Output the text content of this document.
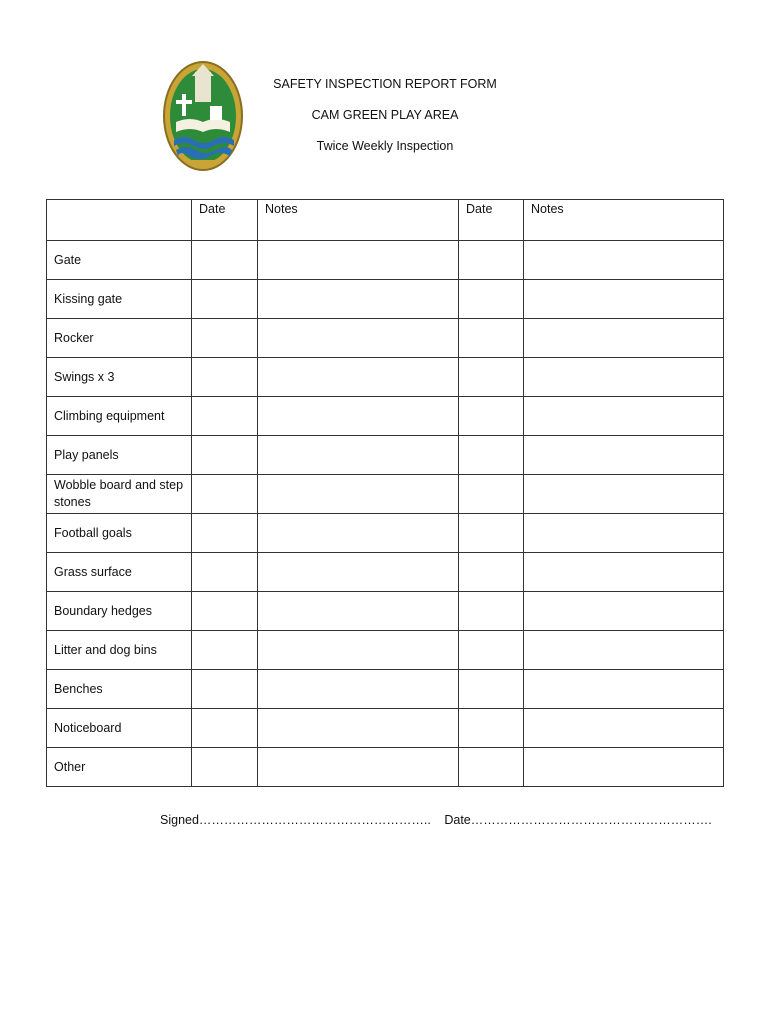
SAFETY INSPECTION REPORT FORM
CAM GREEN PLAY AREA
Twice Weekly Inspection
	Date	Notes	Date	Notes
Gate				
Kissing gate				
Rocker				
Swings x 3				
Climbing equipment				
Play panels				
Wobble board and step stones				
Football goals				
Grass surface				
Boundary hedges				
Litter and dog bins				
Benches				
Noticeboard				
Other				
Signed……………………………………………….. Date………………………………………………….
